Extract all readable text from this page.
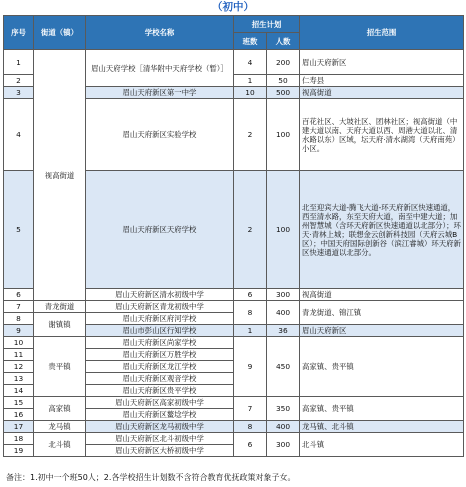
（初中）
序号	街道（镇）	学校名称	招生计划		招生范围
			班数	人数	
1	视高街道	眉山天府学校［清华附中天府学校（暂）］	4	200	眉山天府新区
2			1	50	仁寿县
3		眉山天府新区第一中学	10	500	视高街道
4		眉山天府新区实验学校	2	100	百花社区、大坡社区、团林社区；视高街道（中建大道以南、天府大道以西、周港大道以北、清水路以东）区域，坛天府·清水湖湾（天府南苑）小区。
5		眉山天府新区天府学校	2	100	北至迎宾大道-腾飞大道-环天府新区快速通道，西至清水路，东至天府大道，南至中建大道；加州智慧城（含环天府新区快速通道以北部分）；环天·青林上城；联想金云创新科技园（天府云城B区）；中国天府国际创新谷（滨江睿城）环天府新区快速通道以北部分。
6		眉山天府新区清水初级中学	6	300	视高街道
7	青龙街道	眉山天府新区青龙初级中学	8	400	青龙街道、锦江镇
8	谢镇镇	眉山天府新区府河学校			
9		眉山市彭山区行知学校	1	36	眉山天府新区
10	贵平镇	眉山天府新区尚家学校	9	450	高家镇、贵平镇
11		眉山天府新区万胜学校			
12		眉山天府新区龙江学校			
13		眉山天府新区观音学校			
14		眉山天府新区贵平学校			
15	高家镇	眉山天府新区高家初级中学	7	350	高家镇、贵平镇
16		眉山天府新区鳌埝学校			
17	龙马镇	眉山天府新区龙马初级中学	8	400	龙马镇、北斗镇
18	北斗镇	眉山天府新区北斗初级中学	6	300	北斗镇
19		眉山天府新区大桥初级中学			
备注：1.初中一个班50人；2.各学校招生计划数不含符合教育优抚政策对象子女。
